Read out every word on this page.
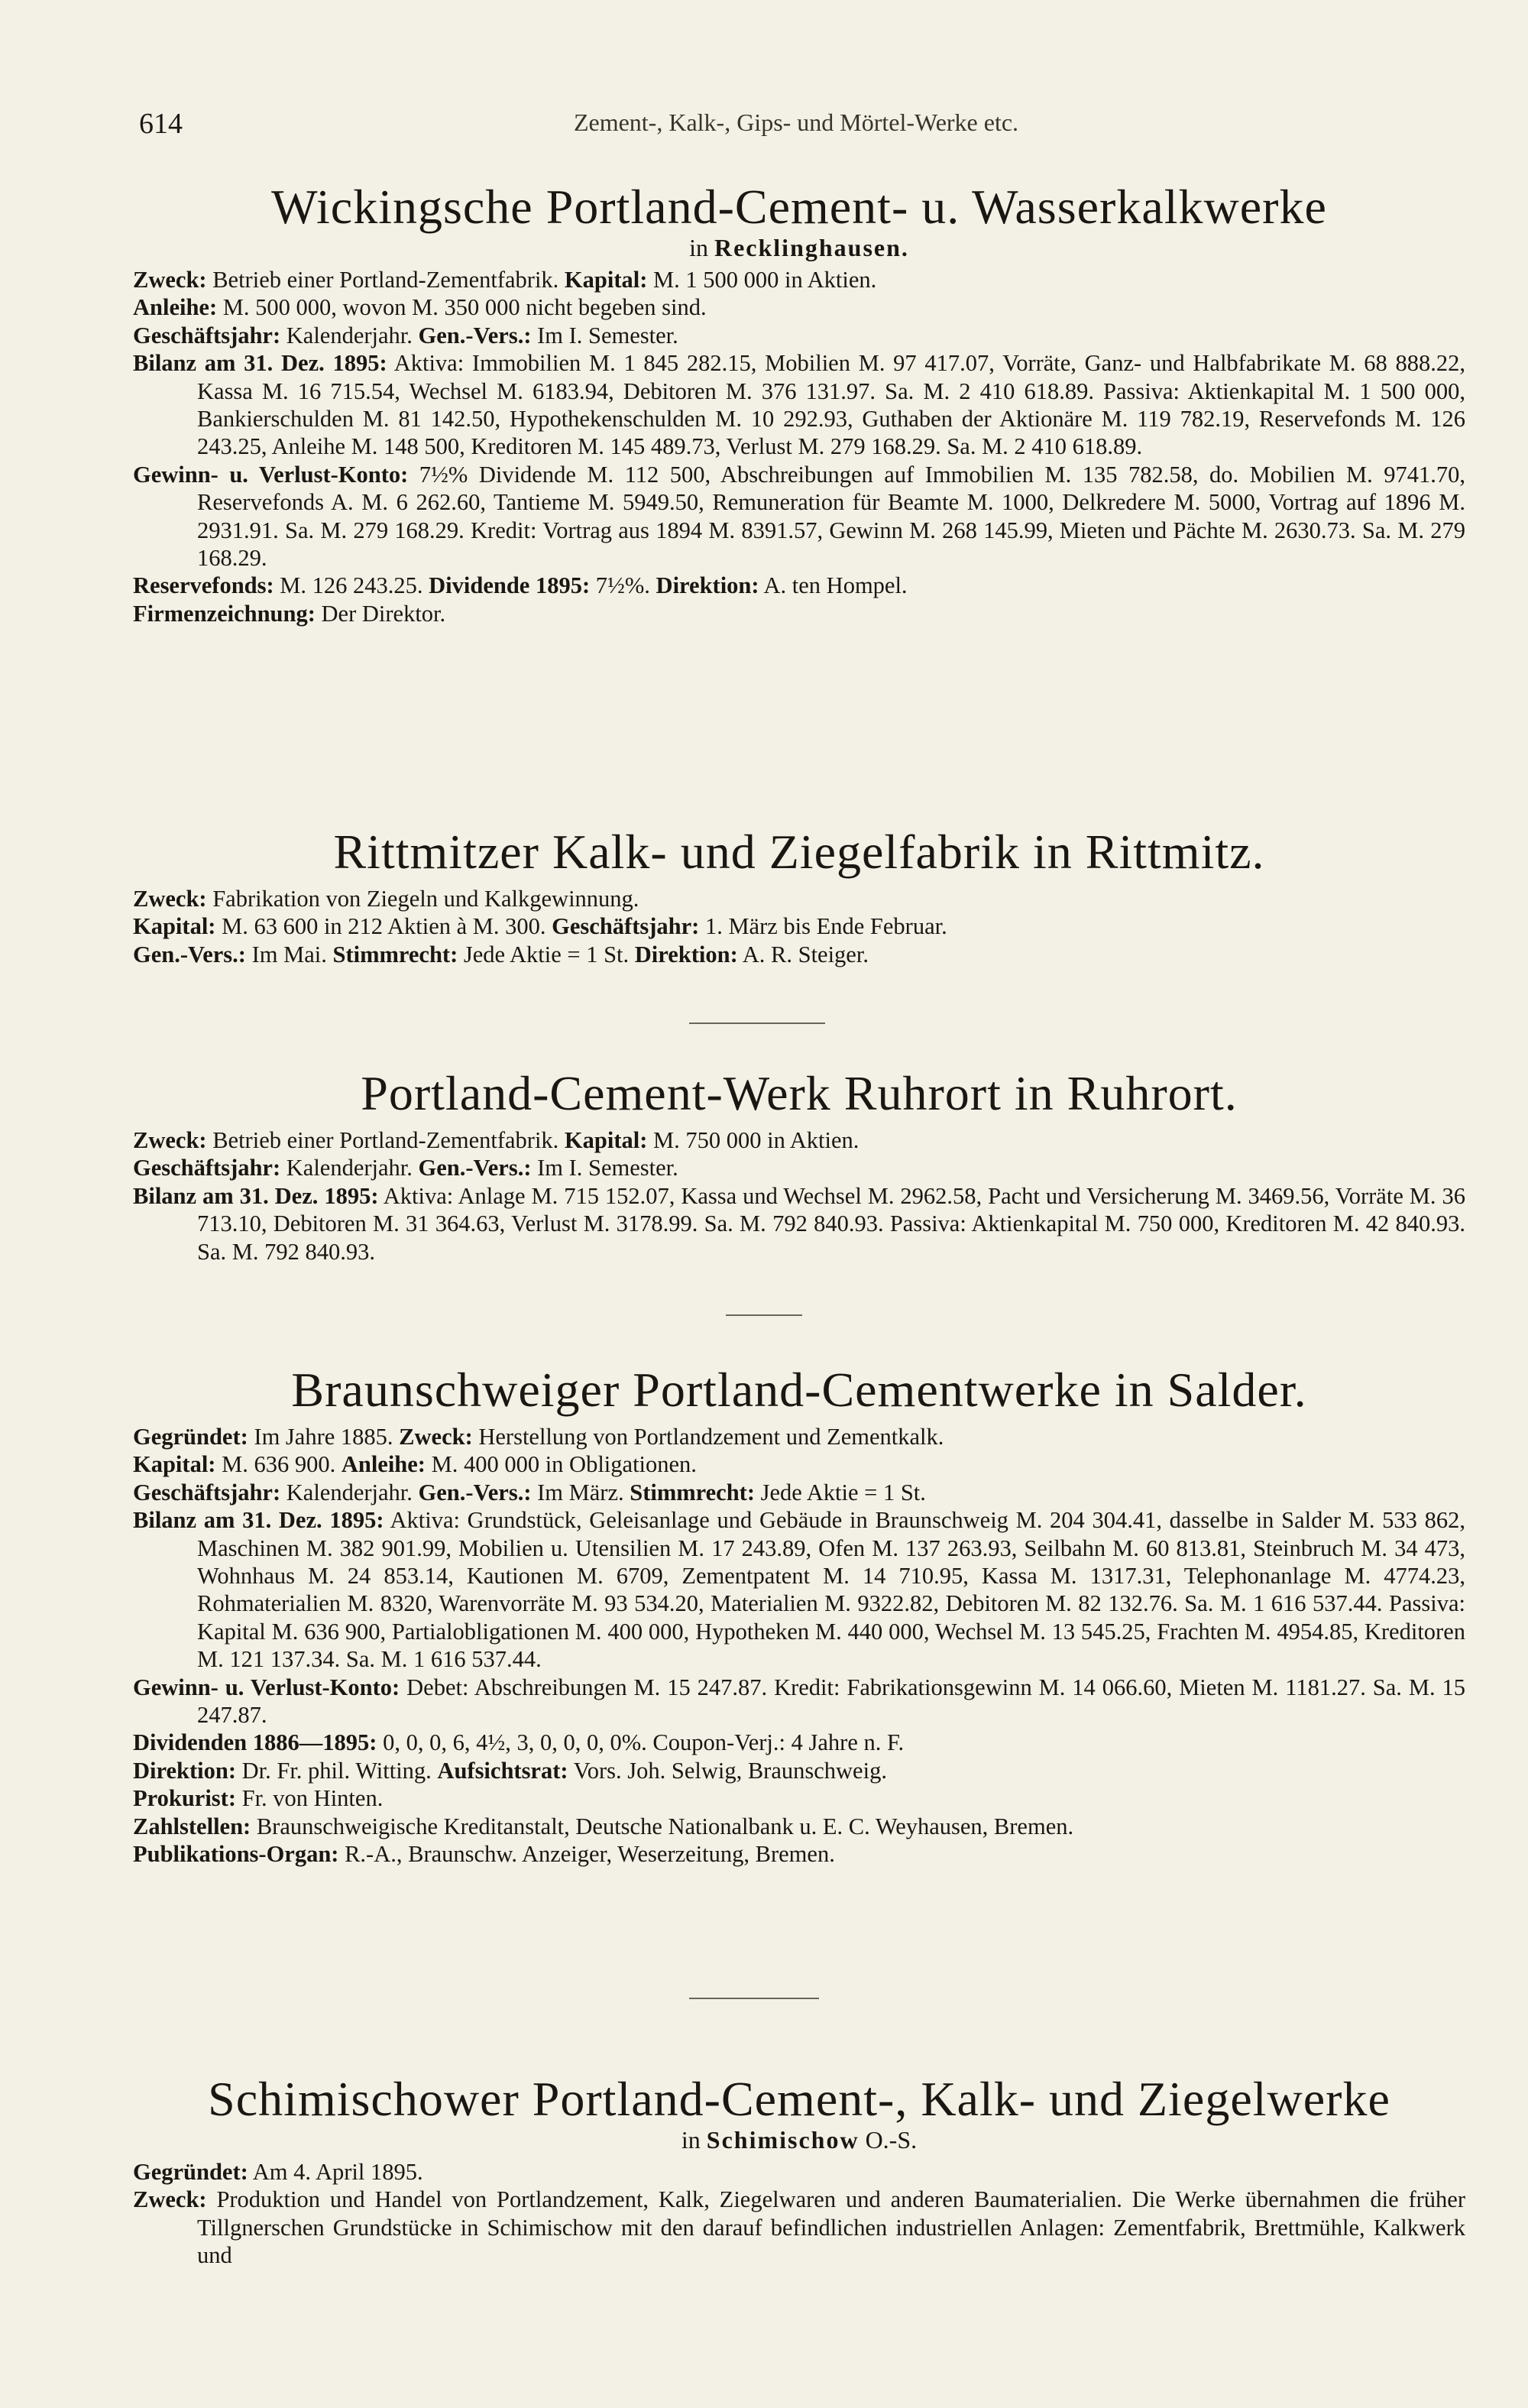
614	Zement-, Kalk-, Gips- und Mörtel-Werke etc.
Wickingsche Portland-Cement- u. Wasserkalkwerke
in Recklinghausen.

Zweck: Betrieb einer Portland-Zementfabrik. Kapital: M. 1 500 000 in Aktien.

Anleihe: M. 500 000, wovon M. 350 000 nicht begeben sind.

Geschäftsjahr: Kalenderjahr. Gen.-Vers.: Im I. Semester.

Bilanz am 31. Dez. 1895: Aktiva: Immobilien M. 1 845 282.15, Mobilien M. 97 417.07, Vorräte, Ganz- und Halbfabrikate M. 68 888.22, Kassa M. 16 715.54, Wechsel M. 6183.94, Debitoren M. 376 131.97. Sa. M. 2 410 618.89. Passiva: Aktienkapital M. 1 500 000, Bankierschulden M. 81 142.50, Hypothekenschulden M. 10 292.93, Guthaben der Aktionäre M. 119 782.19, Reservefonds M. 126 243.25, Anleihe M. 148 500, Kreditoren M. 145 489.73, Verlust M. 279 168.29. Sa. M. 2 410 618.89.

Gewinn- u. Verlust-Konto: 7½% Dividende M. 112 500, Abschreibungen auf Immobilien M. 135 782.58, do. Mobilien M. 9741.70, Reservefonds A. M. 6 262.60, Tantieme M. 5949.50, Remuneration für Beamte M. 1000, Delkredere M. 5000, Vortrag auf 1896 M. 2931.91. Sa. M. 279 168.29. Kredit: Vortrag aus 1894 M. 8391.57, Gewinn M. 268 145.99, Mieten und Pächte M. 2630.73. Sa. M. 279 168.29.

Reservefonds: M. 126 243.25. Dividende 1895: 7½%. Direktion: A. ten Hompel.

Firmenzeichnung: Der Direktor.

Rittmitzer Kalk- und Ziegelfabrik in Rittmitz.

Zweck: Fabrikation von Ziegeln und Kalkgewinnung.

Kapital: M. 63 600 in 212 Aktien à M. 300. Geschäftsjahr: 1. März bis Ende Februar.

Gen.-Vers.: Im Mai. Stimmrecht: Jede Aktie = 1 St. Direktion: A. R. Steiger.

Portland-Cement-Werk Ruhrort in Ruhrort.

Zweck: Betrieb einer Portland-Zementfabrik. Kapital: M. 750 000 in Aktien.

Geschäftsjahr: Kalenderjahr. Gen.-Vers.: Im I. Semester.

Bilanz am 31. Dez. 1895: Aktiva: Anlage M. 715 152.07, Kassa und Wechsel M. 2962.58, Pacht und Versicherung M. 3469.56, Vorräte M. 36 713.10, Debitoren M. 31 364.63, Verlust M. 3178.99. Sa. M. 792 840.93. Passiva: Aktienkapital M. 750 000, Kreditoren M. 42 840.93. Sa. M. 792 840.93.

Braunschweiger Portland-Cementwerke in Salder.

Gegründet: Im Jahre 1885. Zweck: Herstellung von Portlandzement und Zementkalk.

Kapital: M. 636 900. Anleihe: M. 400 000 in Obligationen.

Geschäftsjahr: Kalenderjahr. Gen.-Vers.: Im März. Stimmrecht: Jede Aktie = 1 St.

Bilanz am 31. Dez. 1895: Aktiva: Grundstück, Geleisanlage und Gebäude in Braunschweig M. 204 304.41, dasselbe in Salder M. 533 862, Maschinen M. 382 901.99, Mobilien u. Utensilien M. 17 243.89, Ofen M. 137 263.93, Seilbahn M. 60 813.81, Steinbruch M. 34 473, Wohnhaus M. 24 853.14, Kautionen M. 6709, Zementpatent M. 14 710.95, Kassa M. 1317.31, Telephonanlage M. 4774.23, Rohmaterialien M. 8320, Warenvorräte M. 93 534.20, Materialien M. 9322.82, Debitoren M. 82 132.76. Sa. M. 1 616 537.44. Passiva: Kapital M. 636 900, Partialobligationen M. 400 000, Hypotheken M. 440 000, Wechsel M. 13 545.25, Frachten M. 4954.85, Kreditoren M. 121 137.34. Sa. M. 1 616 537.44.

Gewinn- u. Verlust-Konto: Debet: Abschreibungen M. 15 247.87. Kredit: Fabrikationsgewinn M. 14 066.60, Mieten M. 1181.27. Sa. M. 15 247.87.

Dividenden 1886—1895: 0, 0, 0, 6, 4½, 3, 0, 0, 0, 0%. Coupon-Verj.: 4 Jahre n. F.

Direktion: Dr. Fr. phil. Witting. Aufsichtsrat: Vors. Joh. Selwig, Braunschweig.

Prokurist: Fr. von Hinten.

Zahlstellen: Braunschweigische Kreditanstalt, Deutsche Nationalbank u. E. C. Weyhausen, Bremen.

Publikations-Organ: R.-A., Braunschw. Anzeiger, Weserzeitung, Bremen.

Schimischower Portland-Cement-, Kalk- und Ziegelwerke
in Schimischow O.-S.

Gegründet: Am 4. April 1895.

Zweck: Produktion und Handel von Portlandzement, Kalk, Ziegelwaren und anderen Baumaterialien. Die Werke übernahmen die früher Tillgnerschen Grundstücke in Schimischow mit den darauf befindlichen industriellen Anlagen: Zementfabrik, Brettmühle, Kalkwerk und
